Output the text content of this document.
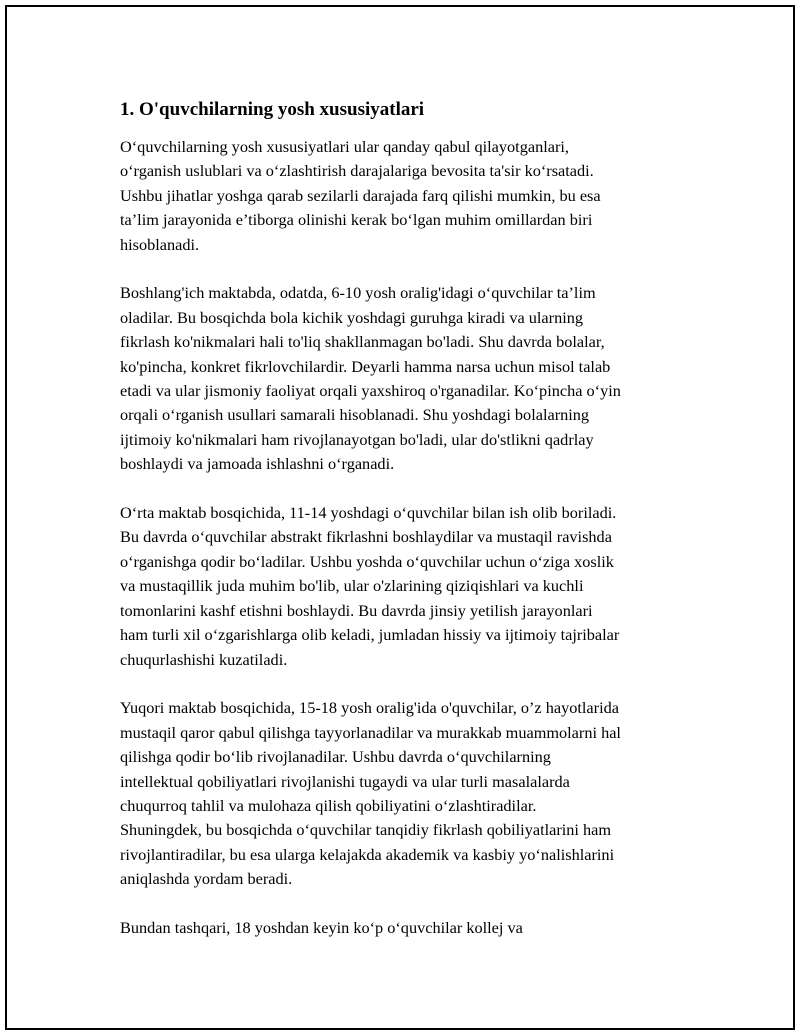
1. O'quvchilarning yosh xususiyatlari
O‘quvchilarning yosh xususiyatlari ular qanday qabul qilayotganlari,
o‘rganish uslublari va o‘zlashtirish darajalariga bevosita ta'sir ko‘rsatadi.
Ushbu jihatlar yoshga qarab sezilarli darajada farq qilishi mumkin, bu esa
ta’lim jarayonida e’tiborga olinishi kerak bo‘lgan muhim omillardan biri
hisoblanadi.
Boshlang'ich maktabda, odatda, 6-10 yosh oralig'idagi o‘quvchilar ta’lim
oladilar. Bu bosqichda bola kichik yoshdagi guruhga kiradi va ularning
fikrlash ko'nikmalari hali to'liq shakllanmagan bo'ladi. Shu davrda bolalar,
ko'pincha, konkret fikrlovchilardir. Deyarli hamma narsa uchun misol talab
etadi va ular jismoniy faoliyat orqali yaxshiroq o'rganadilar. Ko‘pincha o‘yin
orqali o‘rganish usullari samarali hisoblanadi. Shu yoshdagi bolalarning
ijtimoiy ko'nikmalari ham rivojlanayotgan bo'ladi, ular do'stlikni qadrlay
boshlaydi va jamoada ishlashni o‘rganadi.
O‘rta maktab bosqichida, 11-14 yoshdagi o‘quvchilar bilan ish olib boriladi.
Bu davrda o‘quvchilar abstrakt fikrlashni boshlaydilar va mustaqil ravishda
o‘rganishga qodir bo‘ladilar. Ushbu yoshda o‘quvchilar uchun o‘ziga xoslik
va mustaqillik juda muhim bo'lib, ular o'zlarining qiziqishlari va kuchli
tomonlarini kashf etishni boshlaydi. Bu davrda jinsiy yetilish jarayonlari
ham turli xil o‘zgarishlarga olib keladi, jumladan hissiy va ijtimoiy tajribalar
chuqurlashishi kuzatiladi.
Yuqori maktab bosqichida, 15-18 yosh oralig'ida o'quvchilar, o’z hayotlarida
mustaqil qaror qabul qilishga tayyorlanadilar va murakkab muammolarni hal
qilishga qodir bo‘lib rivojlanadilar. Ushbu davrda o‘quvchilarning
intellektual qobiliyatlari rivojlanishi tugaydi va ular turli masalalarda
chuqurroq tahlil va mulohaza qilish qobiliyatini o‘zlashtiradilar.
Shuningdek, bu bosqichda o‘quvchilar tanqidiy fikrlash qobiliyatlarini ham
rivojlantiradilar, bu esa ularga kelajakda akademik va kasbiy yo‘nalishlarini
aniqlashda yordam beradi.
Bundan tashqari, 18 yoshdan keyin ko‘p o‘quvchilar kollej va
